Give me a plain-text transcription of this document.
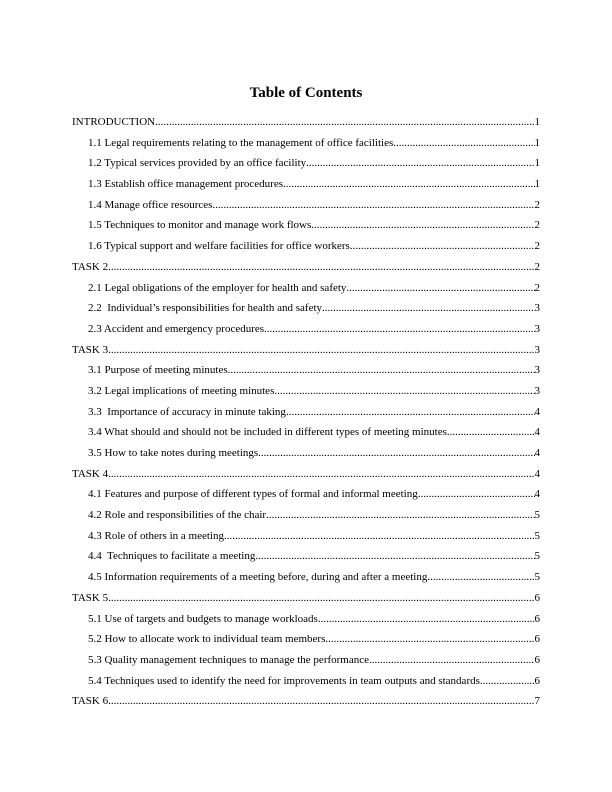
Table of Contents
INTRODUCTION .....	1
1.1 Legal requirements relating to the management of office facilities .....	1
1.2 Typical services provided by an office facility .....	1
1.3 Establish office management procedures .....	1
1.4 Manage office resources .....	2
1.5 Techniques to monitor and manage work flows .....	2
1.6 Typical support and welfare facilities for office workers .....	2
TASK 2 .....	2
2.1 Legal obligations of the employer for health and safety .....	2
2.2  Individual’s responsibilities for health and safety .....	3
2.3 Accident and emergency procedures .....	3
TASK 3 .....	3
3.1 Purpose of meeting minutes .....	3
3.2 Legal implications of meeting minutes .....	3
3.3  Importance of accuracy in minute taking .....	4
3.4 What should and should not be included in different types of meeting minutes .....	4
3.5 How to take notes during meetings .....	4
TASK 4 .....	4
4.1 Features and purpose of different types of formal and informal meeting .....	4
4.2 Role and responsibilities of the chair .....	5
4.3 Role of others in a meeting .....	5
4.4  Techniques to facilitate a meeting .....	5
4.5 Information requirements of a meeting before, during and after a meeting .....	5
TASK 5 .....	6
5.1 Use of targets and budgets to manage workloads .....	6
5.2 How to allocate work to individual team members .....	6
5.3 Quality management techniques to manage the performance .....	6
5.4 Techniques used to identify the need for improvements in team outputs and standards .....	6
TASK 6 .....	7
